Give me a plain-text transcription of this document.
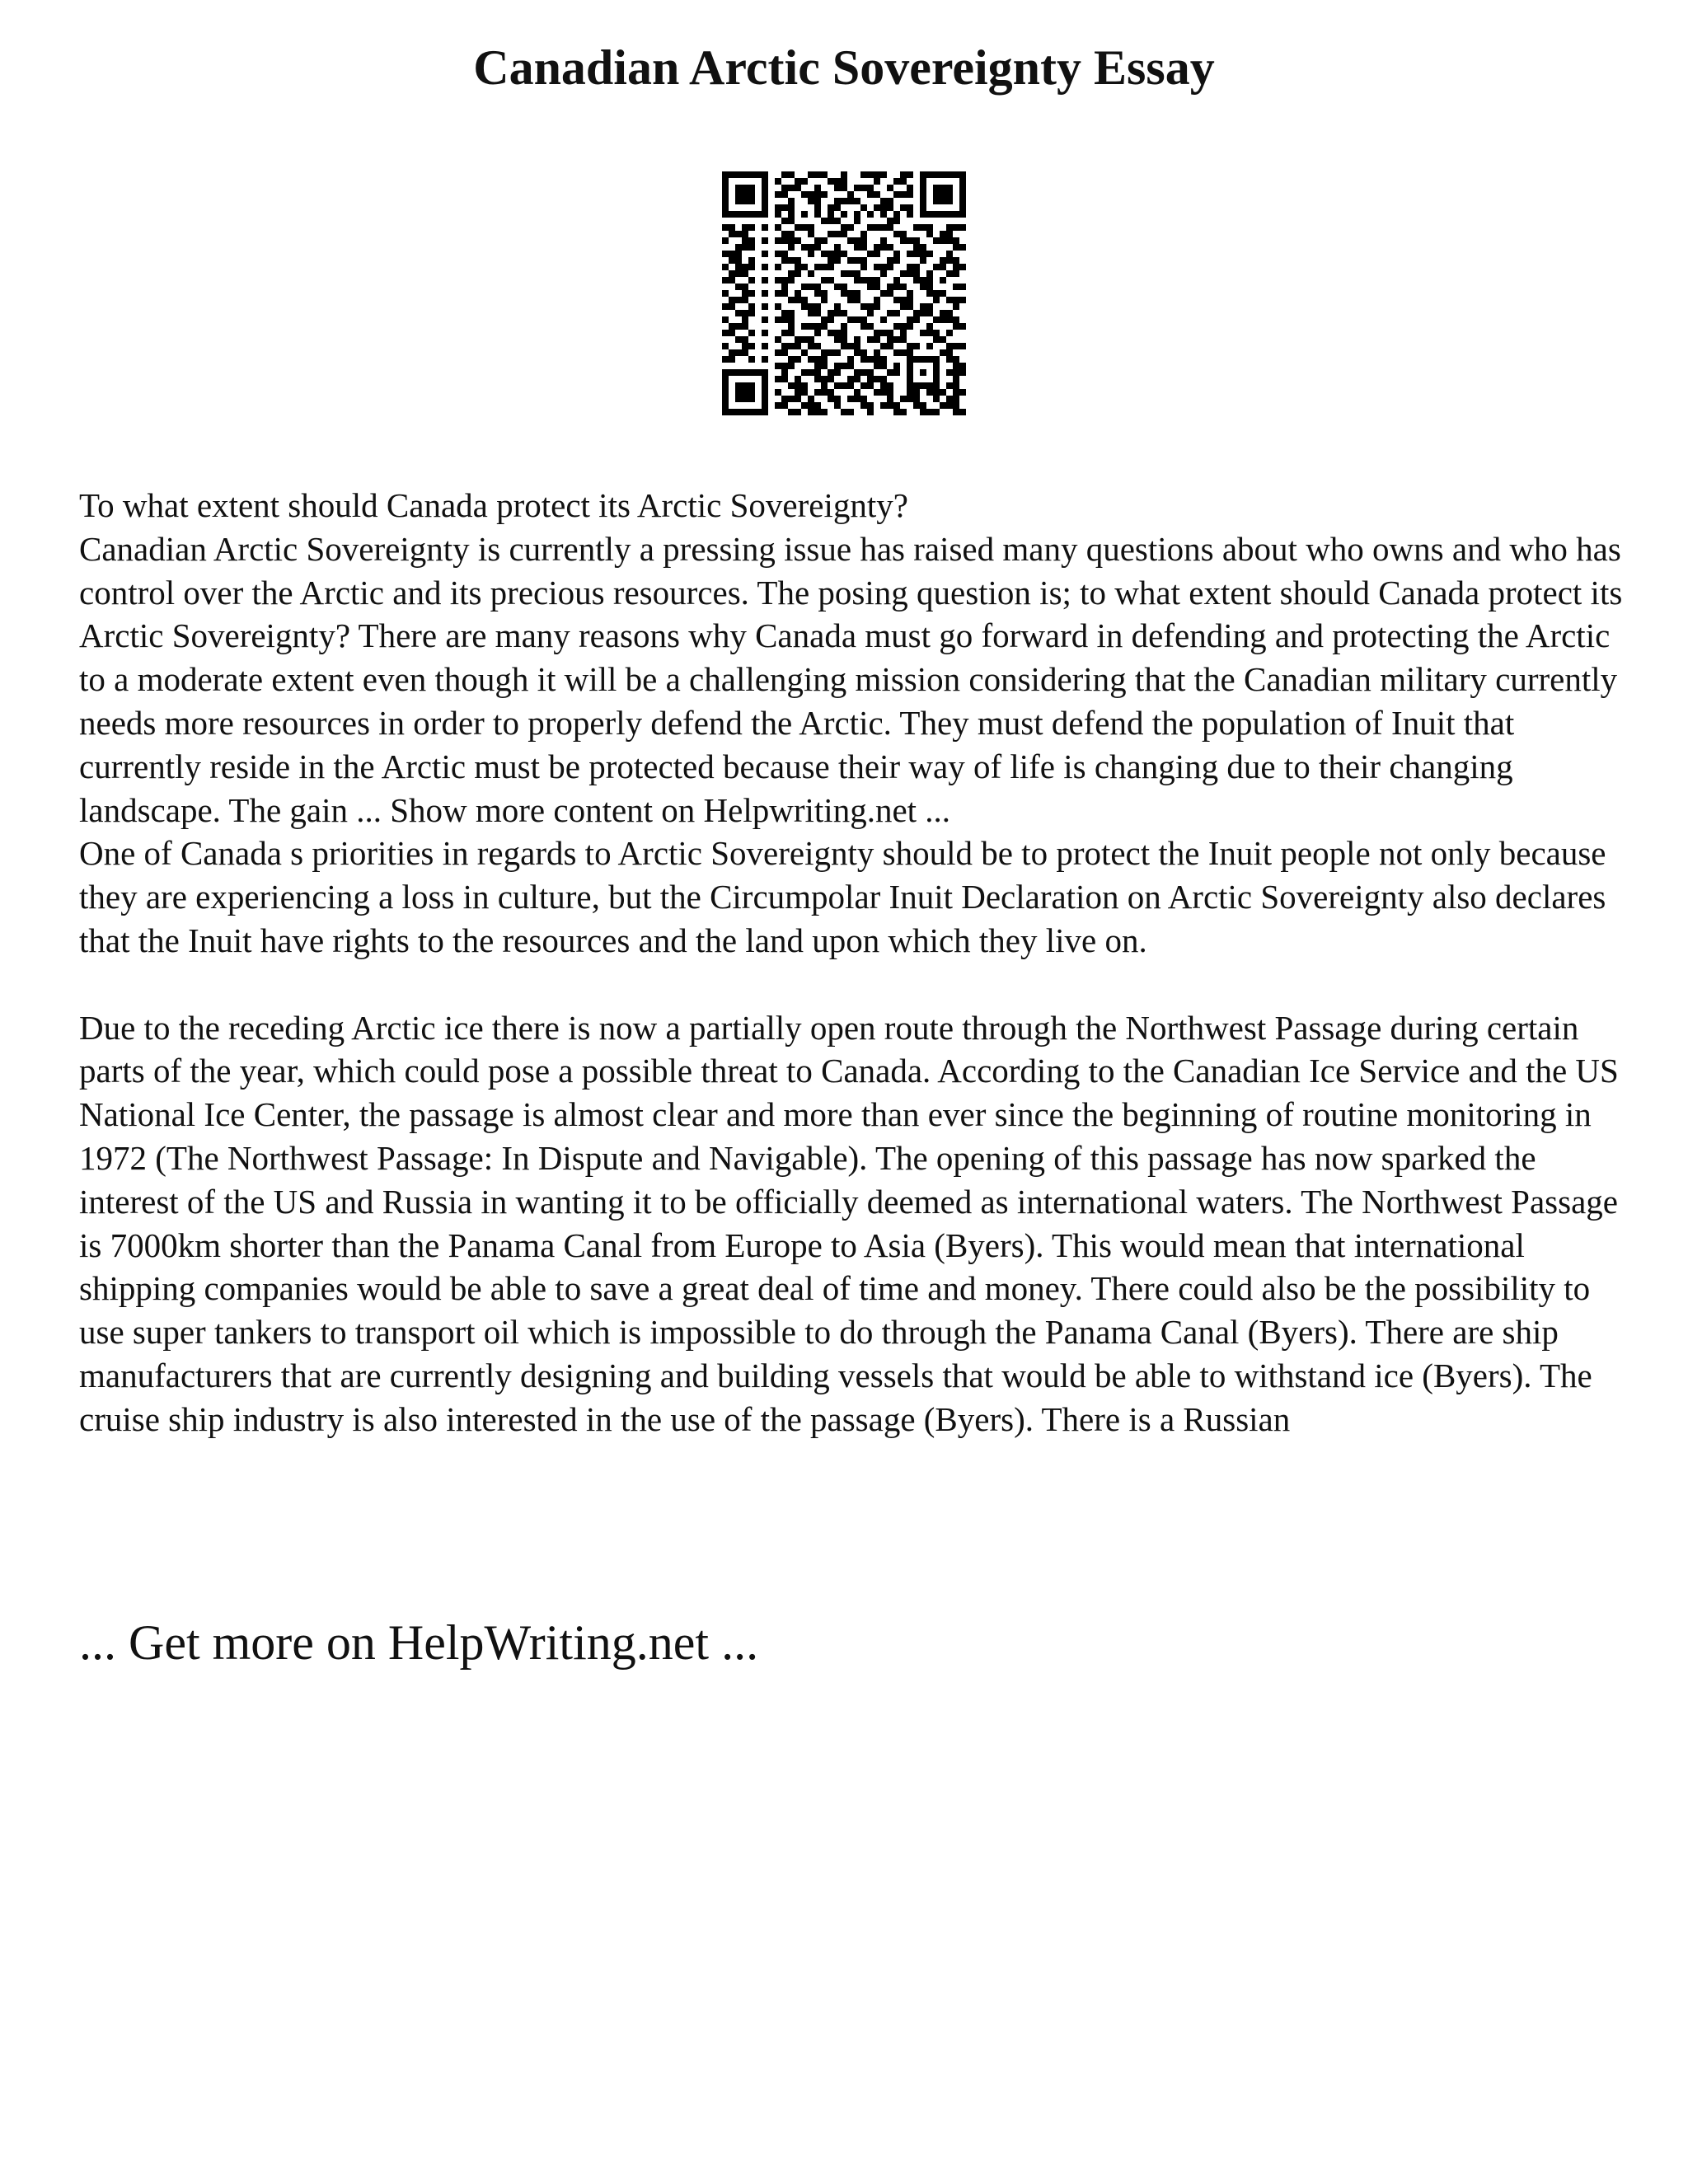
Canadian Arctic Sovereignty Essay

To what extent should Canada protect its Arctic Sovereignty?

Canadian Arctic Sovereignty is currently a pressing issue has raised many questions about who owns and who has control over the Arctic and its precious resources. The posing question is; to what extent should Canada protect its Arctic Sovereignty? There are many reasons why Canada must go forward in defending and protecting the Arctic to a moderate extent even though it will be a challenging mission considering that the Canadian military currently needs more resources in order to properly defend the Arctic. They must defend the population of Inuit that currently reside in the Arctic must be protected because their way of life is changing due to their changing landscape. The gain ... Show more content on Helpwriting.net ...

One of Canada s priorities in regards to Arctic Sovereignty should be to protect the Inuit people not only because they are experiencing a loss in culture, but the Circumpolar Inuit Declaration on Arctic Sovereignty also declares that the Inuit have rights to the resources and the land upon which they live on.

Due to the receding Arctic ice there is now a partially open route through the Northwest Passage during certain parts of the year, which could pose a possible threat to Canada. According to the Canadian Ice Service and the US National Ice Center, the passage is almost clear and more than ever since the beginning of routine monitoring in 1972 (The Northwest Passage: In Dispute and Navigable). The opening of this passage has now sparked the interest of the US and Russia in wanting it to be officially deemed as international waters. The Northwest Passage is 7000km shorter than the Panama Canal from Europe to Asia (Byers). This would mean that international shipping companies would be able to save a great deal of time and money. There could also be the possibility to use super tankers to transport oil which is impossible to do through the Panama Canal (Byers). There are ship manufacturers that are currently designing and building vessels that would be able to withstand ice (Byers). The cruise ship industry is also interested in the use of the passage (Byers). There is a Russian

... Get more on HelpWriting.net ...
